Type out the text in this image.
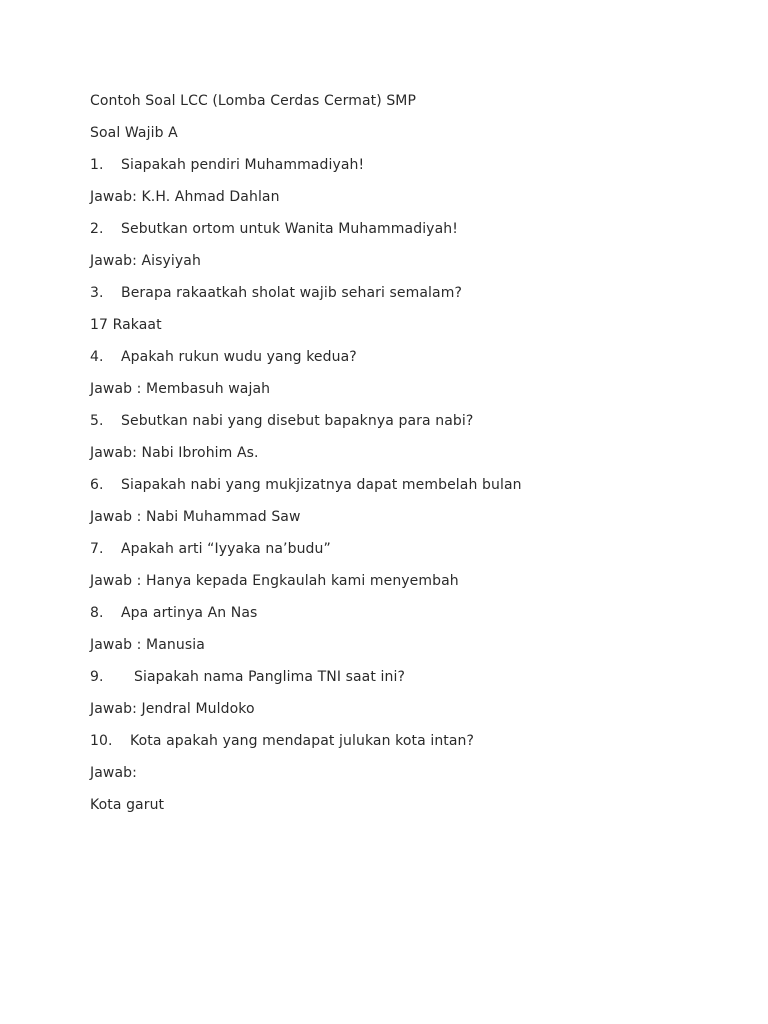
Contoh Soal LCC (Lomba Cerdas Cermat) SMP
Soal Wajib A
1. Siapakah pendiri Muhammadiyah!
Jawab: K.H. Ahmad Dahlan
2. Sebutkan ortom untuk Wanita Muhammadiyah!
Jawab: Aisyiyah
3. Berapa rakaatkah sholat wajib sehari semalam?
17 Rakaat
4. Apakah rukun wudu yang kedua?
Jawab : Membasuh wajah
5. Sebutkan nabi yang disebut bapaknya para nabi?
Jawab: Nabi Ibrohim As.
6. Siapakah nabi yang mukjizatnya dapat membelah bulan
Jawab : Nabi Muhammad Saw
7. Apakah arti “Iyyaka na’budu”
Jawab : Hanya kepada Engkaulah kami menyembah
8. Apa artinya An Nas
Jawab : Manusia
9. Siapakah nama Panglima TNI saat ini?
Jawab: Jendral Muldoko
10. Kota apakah yang mendapat julukan kota intan?
Jawab:
Kota garut
